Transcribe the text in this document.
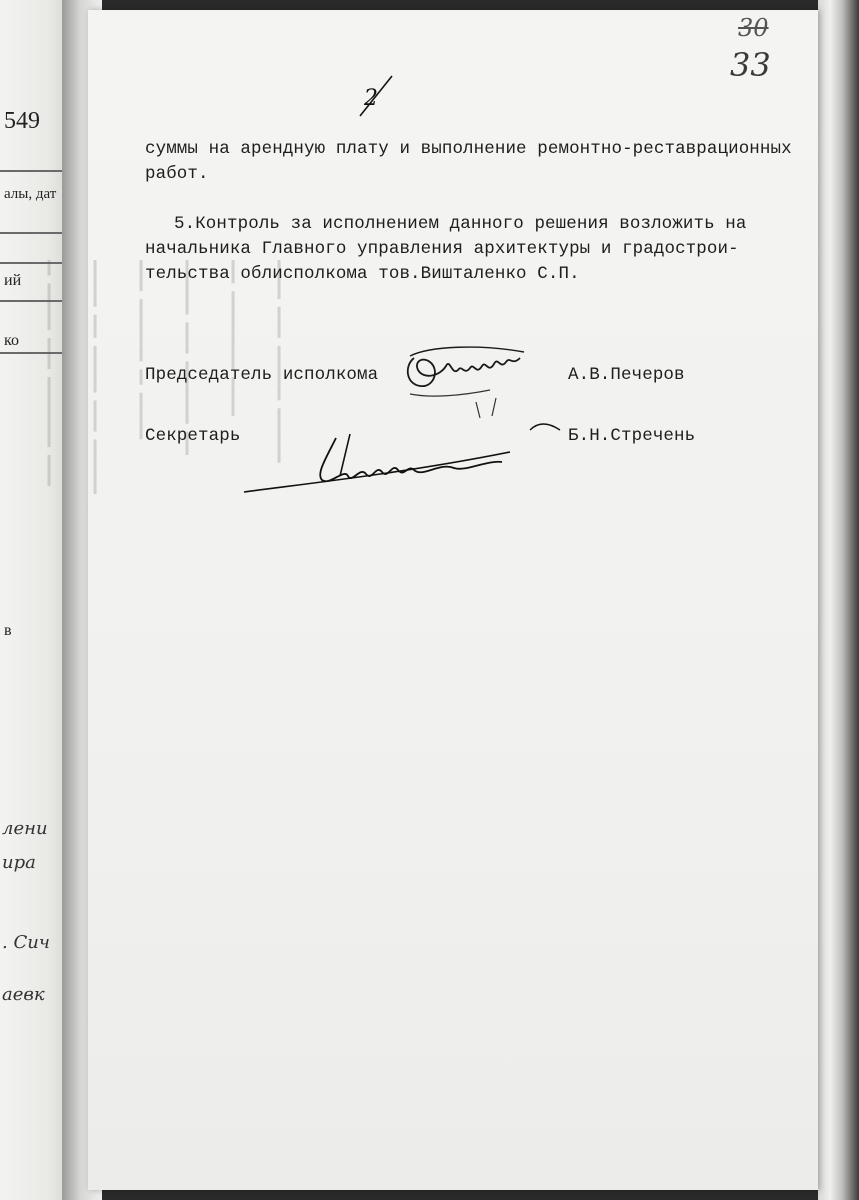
549
алы, дат
ий
ко
в
лени
ира
. Сич
аевк
▬▬ ▬▬▬▬▬▬ ▬▬▬▬ ▬▬▬▬▬▬▬▬▬ ▬▬▬▬	▬▬▬▬▬▬ ▬▬▬ ▬▬▬▬▬▬ ▬▬▬▬ ▬▬▬▬▬▬▬	▬▬▬▬ ▬▬▬▬▬▬▬▬ ▬▬ ▬▬▬▬▬▬	▬▬▬▬▬▬▬ ▬▬▬▬ ▬▬▬▬▬▬▬▬ ▬▬▬	▬▬▬ ▬▬▬▬▬▬▬▬▬▬ ▬▬▬▬▬	▬▬▬▬▬ ▬▬▬▬ ▬▬▬▬▬▬▬ ▬▬▬▬▬▬▬
30
33
2
суммы на арендную плату и выполнение ремонтно-реставрационных
работ.
5.Контроль за исполнением данного решения возложить на
начальника Главного управления архитектуры и градострои-
тельства облисполкома тов.Вишталенко С.П.
Председатель исполкома	А.В.Печеров
Секретарь	Б.Н.Стречень
